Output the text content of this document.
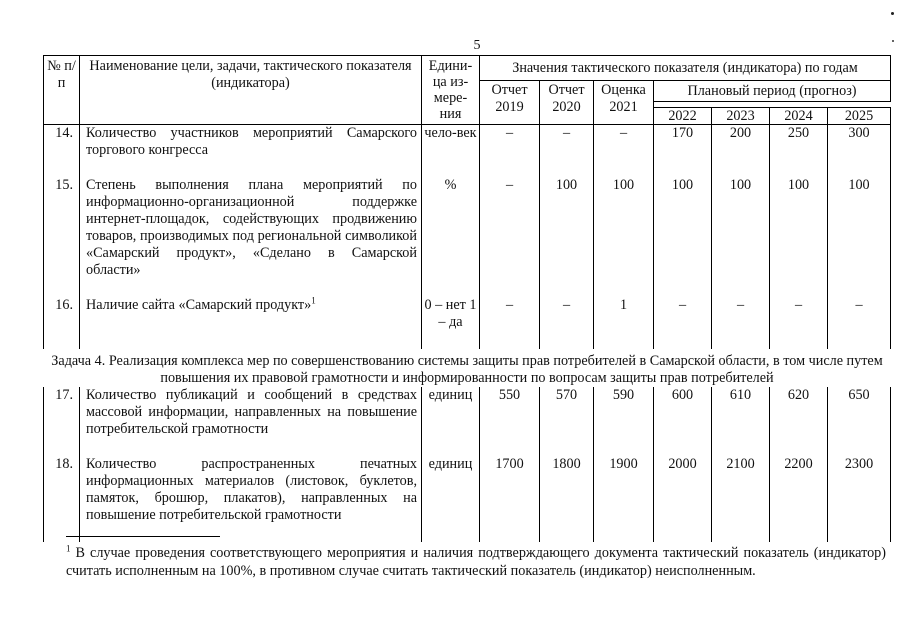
5
№ п/п	Наименование цели, задачи, тактического показателя (индикатора)	Едини-ца из-мере-ния	Значения тактического показателя (индикатора) по годам						
			Отчет 2019	Отчет 2020	Оценка 2021	Плановый период (прогноз)			

						2022	2023	2024	2025
14.	Количество участников мероприятий Самарского торгового конгресса	чело-век	–	–	–	170	200	250	300
15.	Степень выполнения плана мероприятий по информационно-организационной поддержке интернет-площадок, содействующих продвижению товаров, производимых под региональной символикой «Самарский продукт», «Сделано в Самарской области»	%	–	100	100	100	100	100	100
16.	Наличие сайта «Самарский продукт»$^1$	0 – нет 1 – да	–	–	1	–	–	–	–
Задача 4. Реализация комплекса мер по совершенствованию системы защиты прав потребителей в Самарской области, в том числе путем повышения их правовой грамотности и информированности по вопросам защиты прав потребителей									
17.	Количество публикаций и сообщений в средствах массовой информации, направленных на повышение потребительской грамотности	единиц	550	570	590	600	610	620	650
18.	Количество распространенных печатных информационных материалов (листовок, буклетов, памяток, брошюр, плакатов), направленных на повышение потребительской грамотности	единиц	1700	1800	1900	2000	2100	2200	2300
$^1$ В случае проведения соответствующего мероприятия и наличия подтверждающего документа тактический показатель (индикатор) считать исполненным на 100%, в противном случае считать тактический показатель (индикатор) неисполненным.
